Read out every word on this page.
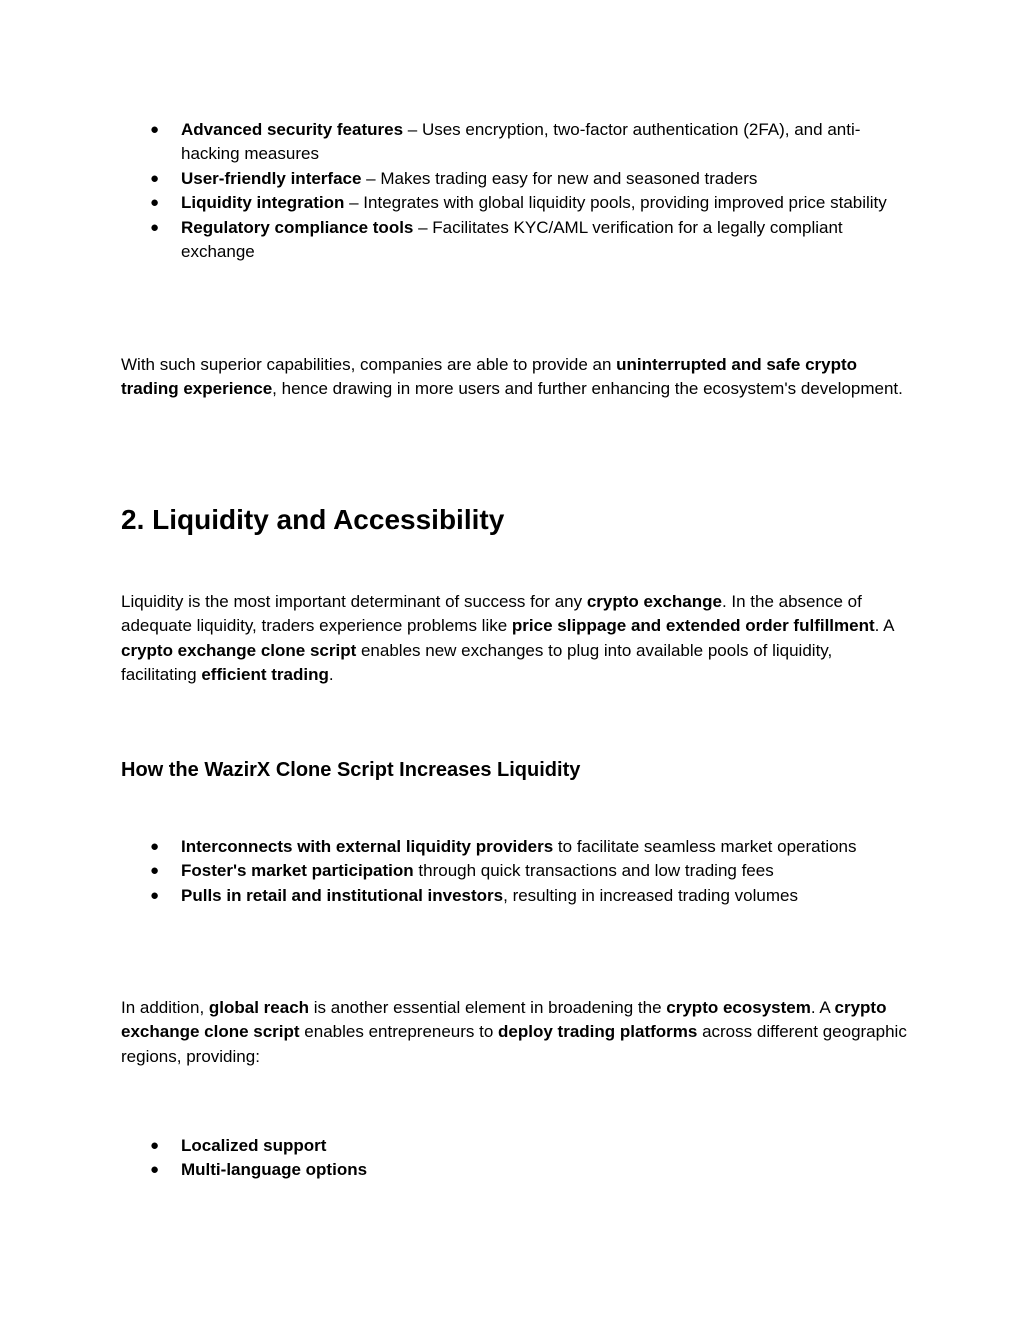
● Advanced security features – Uses encryption, two-factor authentication (2FA), and anti-hacking measures
● User-friendly interface – Makes trading easy for new and seasoned traders
● Liquidity integration – Integrates with global liquidity pools, providing improved price stability
● Regulatory compliance tools – Facilitates KYC/AML verification for a legally compliant exchange

With such superior capabilities, companies are able to provide an uninterrupted and safe crypto trading experience, hence drawing in more users and further enhancing the ecosystem's development.

2. Liquidity and Accessibility

Liquidity is the most important determinant of success for any crypto exchange. In the absence of adequate liquidity, traders experience problems like price slippage and extended order fulfillment. A crypto exchange clone script enables new exchanges to plug into available pools of liquidity, facilitating efficient trading.

How the WazirX Clone Script Increases Liquidity
● Interconnects with external liquidity providers to facilitate seamless market operations
● Foster's market participation through quick transactions and low trading fees
● Pulls in retail and institutional investors, resulting in increased trading volumes

In addition, global reach is another essential element in broadening the crypto ecosystem. A crypto exchange clone script enables entrepreneurs to deploy trading platforms across different geographic regions, providing:

● Localized support
● Multi-language options
